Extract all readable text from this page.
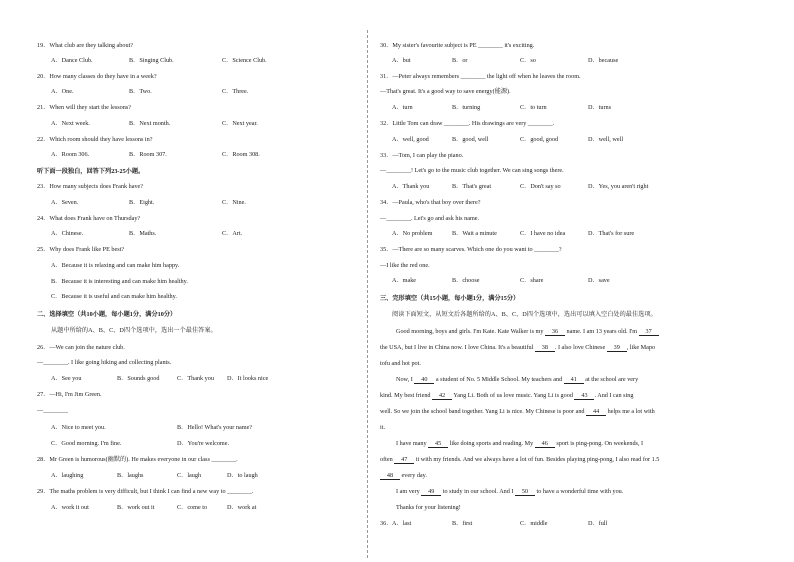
19．What club are they talking about?
A．Dance Club.	B．Singing Club.	C．Science Club.
20．How many classes do they have in a week?
A．One.	B．Two.	C．Three.
21．When will they start the lessons?
A．Next week.	B．Next month.	C．Next year.
22．Which room should they have lessons in?
A．Room 306.	B．Room 307.	C．Room 308.
听下面一段独白，回答下列23-25小题。
23．How many subjects does Frank have?
A．Seven.	B．Eight.	C．Nine.
24．What does Frank have on Thursday?
A．Chinese.	B．Maths.	C．Art.
25．Why does Frank like PE best?
A．Because it is relaxing and can make him happy.
B．Because it is interesting and can make him healthy.
C．Because it is useful and can make him healthy.
二、选择填空（共10小题，每小题1分，满分10分）
从题中所给的A、B、C、D四个选项中，选出一个最佳答案。
26．—We can join the nature club.
—________. I like going hiking and collecting plants.
A．See you	B．Sounds good	C．Thank you D．It looks nice
27．—Hi, I'm Jim Green.
—________
A．Nice to meet you.	B．Hello! What's your name?
C．Good morning. I'm fine.	D．You're welcome.
28．Mr Green is humorous(幽默的). He makes everyone in our class ________.
A．laughing	B．laughs	C．laugh	D．to laugh
29．The maths problem is very difficult, but I think I can find a new way to ________.
A．work it out	B．work out it	C．come to	D．work at
30．My sister's favourite subject is PE ________ it's exciting.
A．but	B．or	C．so	D．because
31．—Peter always remembers ________ the light off when he leaves the room.
—That's great. It's a good way to save energy(能源).
A．turn	B．turning	C．to turn	D．turns
32．Little Tom can draw ________. His drawings are very ________.
A．well, good	B．good, well	C．good, good	D．well, well
33．—Tom, I can play the piano.
—________! Let's go to the music club together. We can sing songs there.
A．Thank you	B．That's great	C．Don't say so	D．Yes, you aren't right
34．—Paula, who's that boy over there?
—________. Let's go and ask his name.
A．No problem	B．Wait a minute	C．I have no idea	D．That's for sure
35．—There are so many scarves. Which one do you want to ________?
—I like the red one.
A．make	B．choose	C．share	D．save
三、完形填空（共15小题，每小题1分，满分15分）
阅读下面短文，从短文后各题所给的A、B、C、D四个选项中，选出可以填入空白处的最佳选项。
Good morning, boys and girls. I'm Kate. Kate Walker is my 36 name. I am 13 years old. I'm 37
the USA, but I live in China now. I love China. It's a beautiful 38 . I also love Chinese 39 , like Mapo
tofu and hot pot.
Now, I 40 a student of No. 5 Middle School. My teachers and 41 at the school are very
kind. My best friend 42 Yang Li. Both of us love music. Yang Li is good 43 . And I can sing
well. So we join the school band together. Yang Li is nice. My Chinese is poor and 44 helps me a lot with
it.
I have many 45 like doing sports and reading. My 46 sport is ping-pong. On weekends, I
often 47 it with my friends. And we always have a lot of fun. Besides playing ping-pong, I also read for 1.5
48 every day.
I am very 49 to study in our school. And I 50 to have a wonderful time with you.
Thanks for your listening!
36． A．last	B．first	C．middle	D．full
